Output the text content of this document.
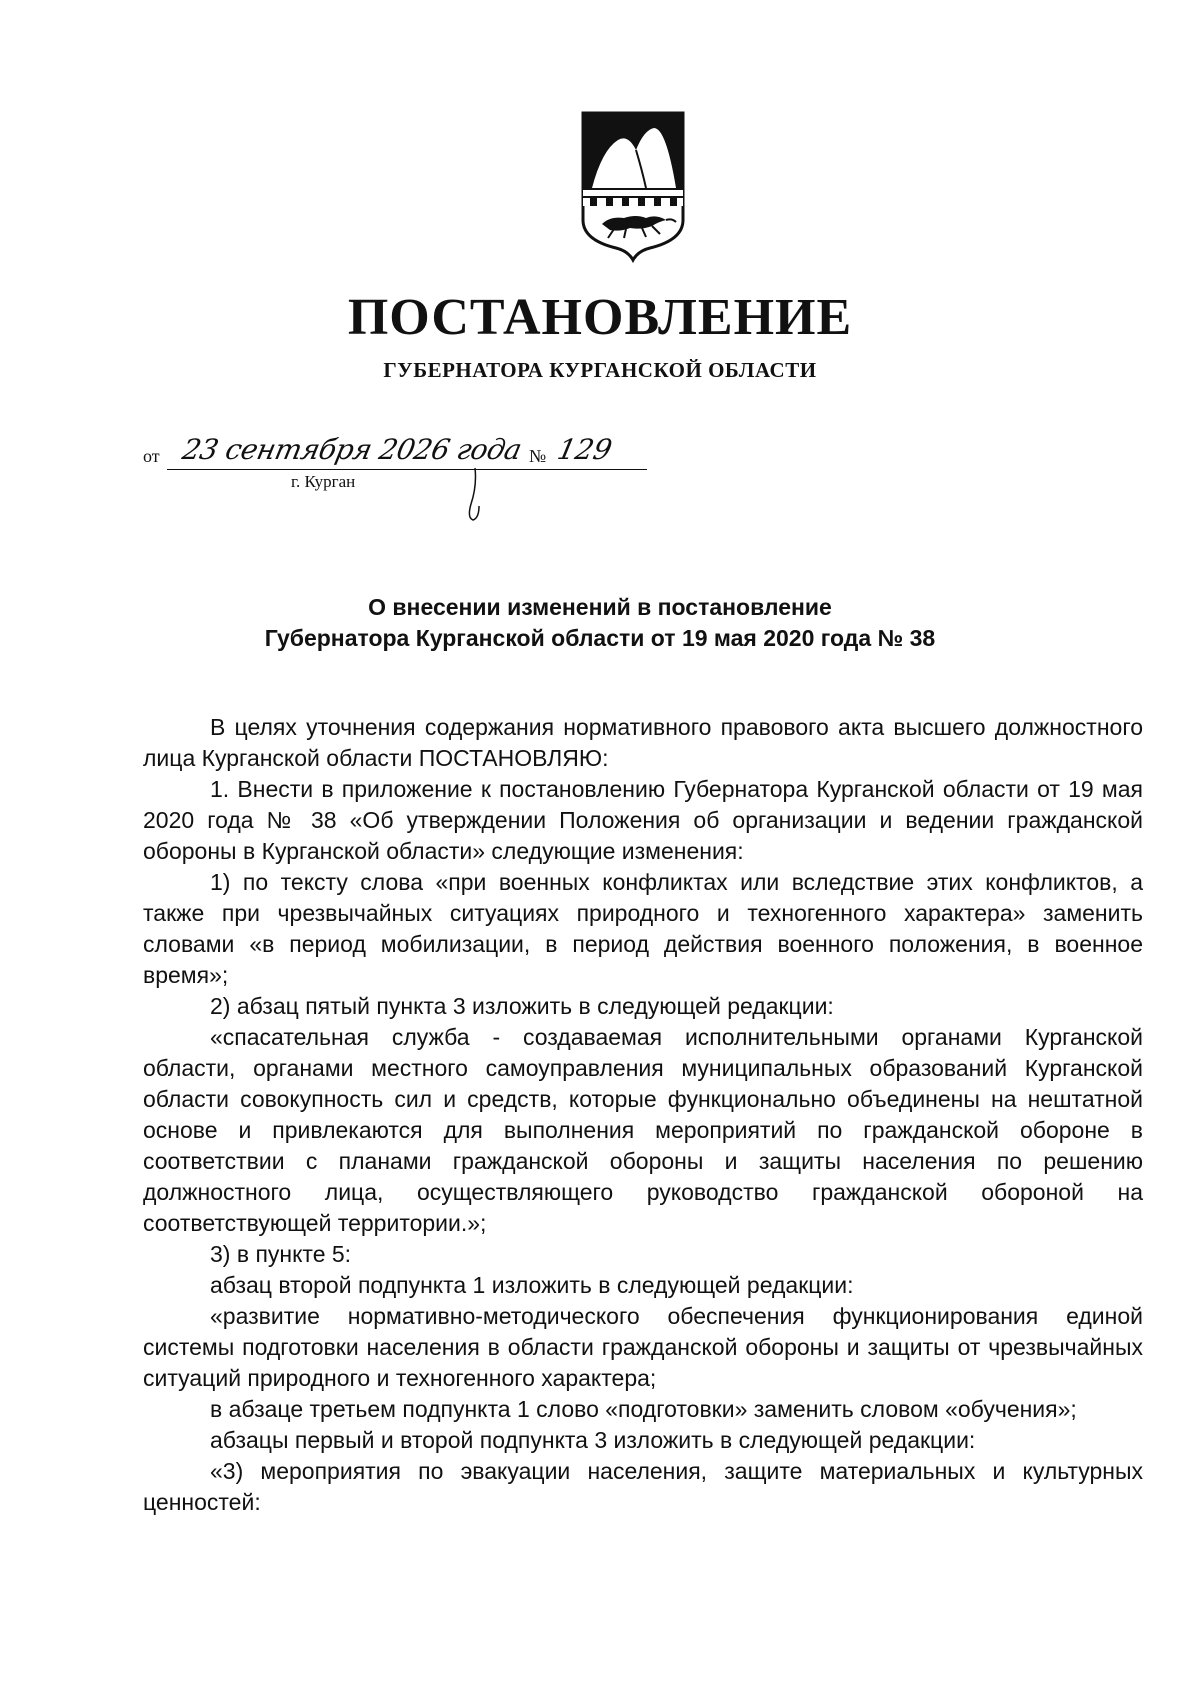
ПОСТАНОВЛЕНИЕ
ГУБЕРНАТОРА КУРГАНСКОЙ ОБЛАСТИ
от 23 сентября 2026 года № 129
г. Курган
О внесении изменений в постановление
Губернатора Курганской области от 19 мая 2020 года № 38

В целях уточнения содержания нормативного правового акта высшего должностного лица Курганской области ПОСТАНОВЛЯЮ:

1. Внести в приложение к постановлению Губернатора Курганской области от 19 мая 2020 года № 38 «Об утверждении Положения об организации и ведении гражданской обороны в Курганской области» следующие изменения:

1) по тексту слова «при военных конфликтах или вследствие этих конфликтов, а также при чрезвычайных ситуациях природного и техногенного характера» заменить словами «в период мобилизации, в период действия военного положения, в военное время»;

2) абзац пятый пункта 3 изложить в следующей редакции:

«спасательная служба - создаваемая исполнительными органами Курганской области, органами местного самоуправления муниципальных образований Курганской области совокупность сил и средств, которые функционально объединены на нештатной основе и привлекаются для выполнения мероприятий по гражданской обороне в соответствии с планами гражданской обороны и защиты населения по решению должностного лица, осуществляющего руководство гражданской обороной на соответствующей территории.»;

3) в пункте 5:

абзац второй подпункта 1 изложить в следующей редакции:

«развитие нормативно-методического обеспечения функционирования единой системы подготовки населения в области гражданской обороны и защиты от чрезвычайных ситуаций природного и техногенного характера;

в абзаце третьем подпункта 1 слово «подготовки» заменить словом «обучения»;

абзацы первый и второй подпункта 3 изложить в следующей редакции:

«3) мероприятия по эвакуации населения, защите материальных и культурных ценностей:
